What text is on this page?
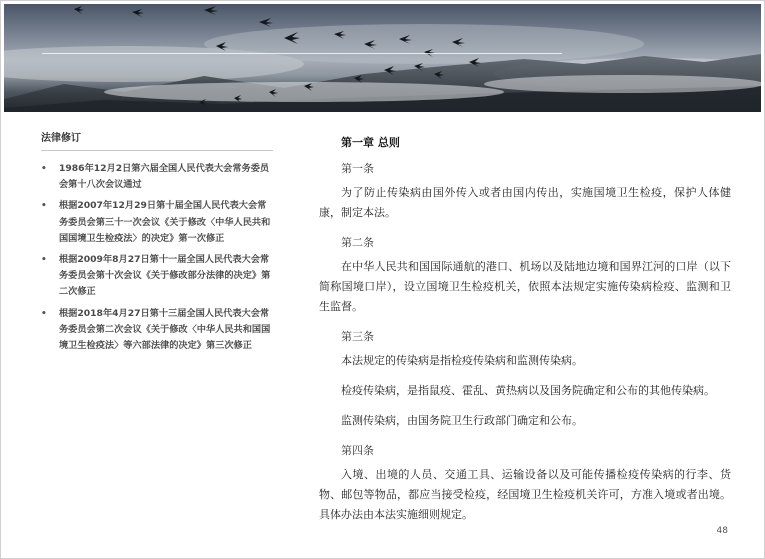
法律修订
• 1986年12月2日第六届全国人民代表大会常务委员会第十八次会议通过
• 根据2007年12月29日第十届全国人民代表大会常务委员会第三十一次会议《关于修改〈中华人民共和国国境卫生检疫法〉的决定》第一次修正
• 根据2009年8月27日第十一届全国人民代表大会常务委员会第十次会议《关于修改部分法律的决定》第二次修正
• 根据2018年4月27日第十三届全国人民代表大会常务委员会第二次会议《关于修改〈中华人民共和国国境卫生检疫法〉等六部法律的决定》第三次修正
第一章 总则
第一条

为了防止传染病由国外传入或者由国内传出，实施国境卫生检疫，保护人体健康，制定本法。

第二条

在中华人民共和国国际通航的港口、机场以及陆地边境和国界江河的口岸（以下简称国境口岸），设立国境卫生检疫机关，依照本法规定实施传染病检疫、监测和卫生监督。

第三条

本法规定的传染病是指检疫传染病和监测传染病。

检疫传染病，是指鼠疫、霍乱、黄热病以及国务院确定和公布的其他传染病。

监测传染病，由国务院卫生行政部门确定和公布。

第四条

入境、出境的人员、交通工具、运输设备以及可能传播检疫传染病的行李、货物、邮包等物品，都应当接受检疫，经国境卫生检疫机关许可，方准入境或者出境。具体办法由本法实施细则规定。

48
